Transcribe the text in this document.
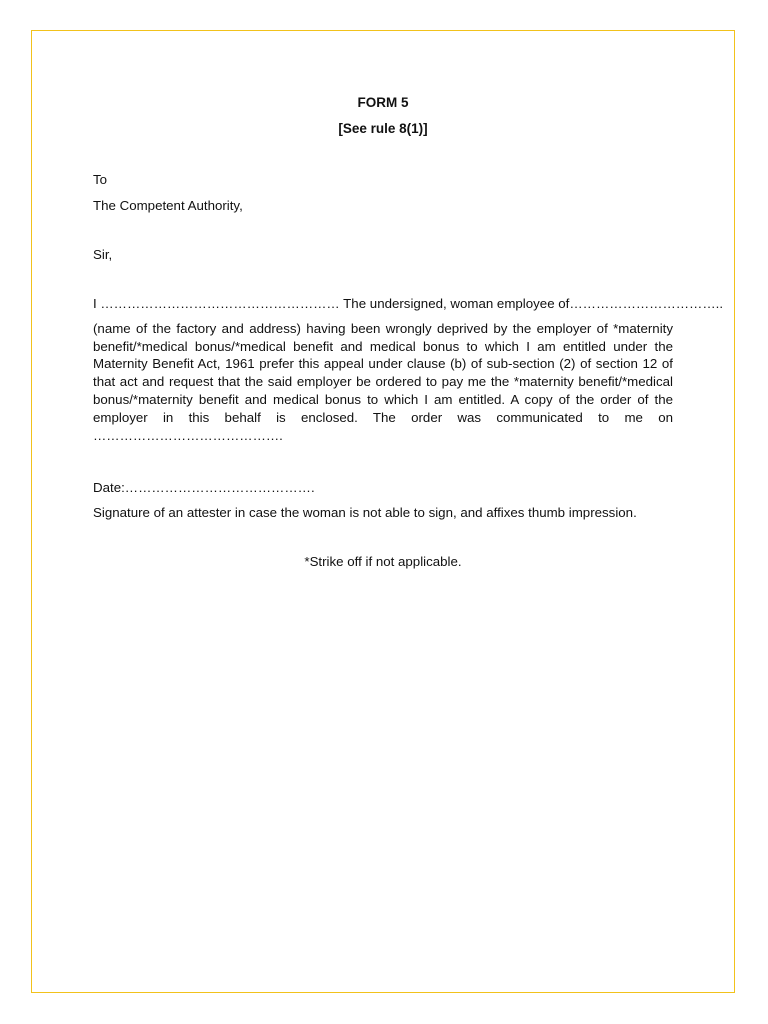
FORM 5

[See rule 8(1)]

To

The Competent Authority,

Sir,

I ……………………………………………… The undersigned, woman employee of ……………………………..

(name of the factory and address) having been wrongly deprived by the employer of *maternity benefit/*medical bonus/*medical benefit and medical bonus to which I am entitled under the Maternity Benefit Act, 1961 prefer this appeal under clause (b) of sub-section (2) of section 12 of that act and request that the said employer be ordered to pay me the *maternity benefit/*medical bonus/*maternity benefit and medical bonus to which I am entitled. A copy of the order of the employer in this behalf is enclosed. The order was communicated to me on …………………………………….

Date:…………………………………….

Signature of an attester in case the woman is not able to sign, and affixes thumb impression.

*Strike off if not applicable.
